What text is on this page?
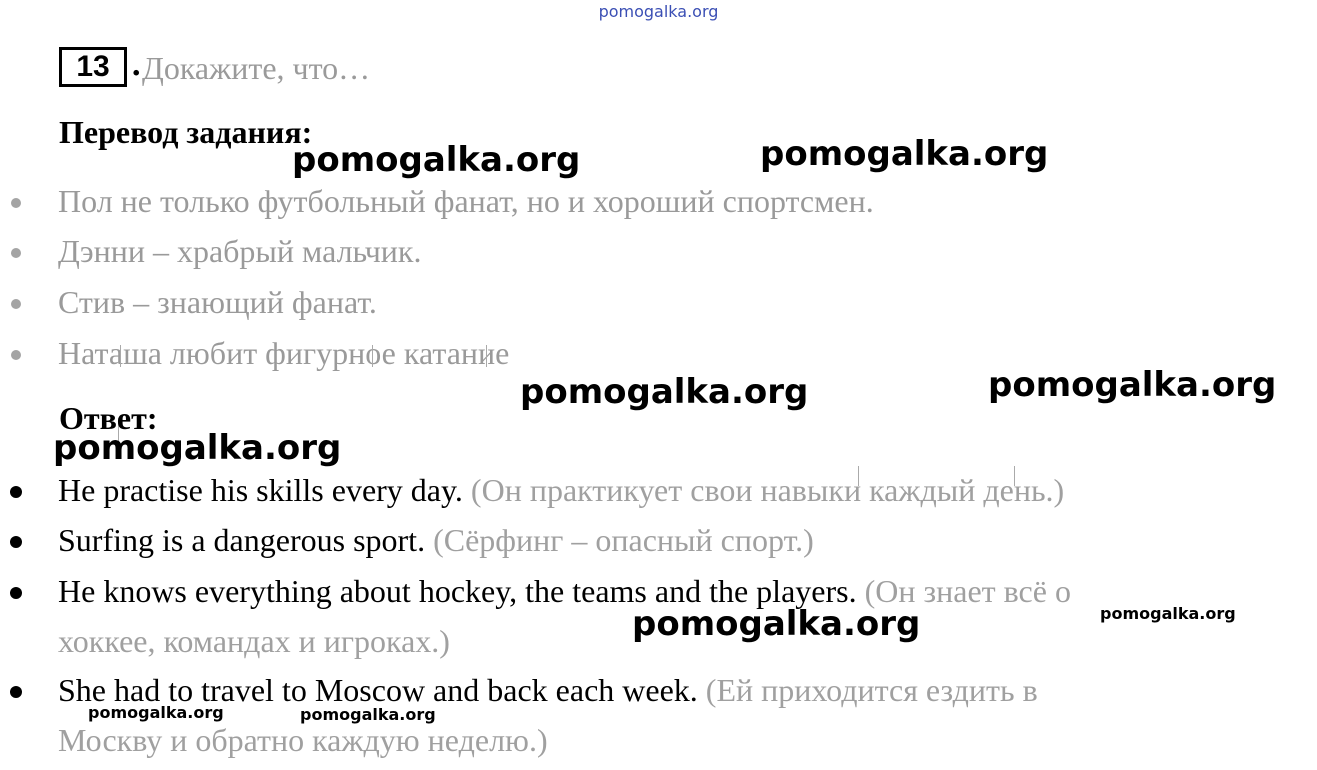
pomogalka.org
13 . Докажите, что…
Перевод задания:
Пол не только футбольный фанат, но и хороший спортсмен.
Дэнни – храбрый мальчик.
Стив – знающий фанат.
Наташа любит фигурное катание
Ответ:
He practise his skills every day. (Он практикует свои навыки каждый день.)
Surfing is a dangerous sport. (Сёрфинг – опасный спорт.)
He knows everything about hockey, the teams and the players. (Он знает всё о
хоккее, командах и игроках.)
She had to travel to Moscow and back each week. (Ей приходится ездить в
Москву и обратно каждую неделю.)
pomogalka.org	pomogalka.org
pomogalka.org	pomogalka.org
pomogalka.org
pomogalka.org	pomogalka.org
pomogalka.org	pomogalka.org
